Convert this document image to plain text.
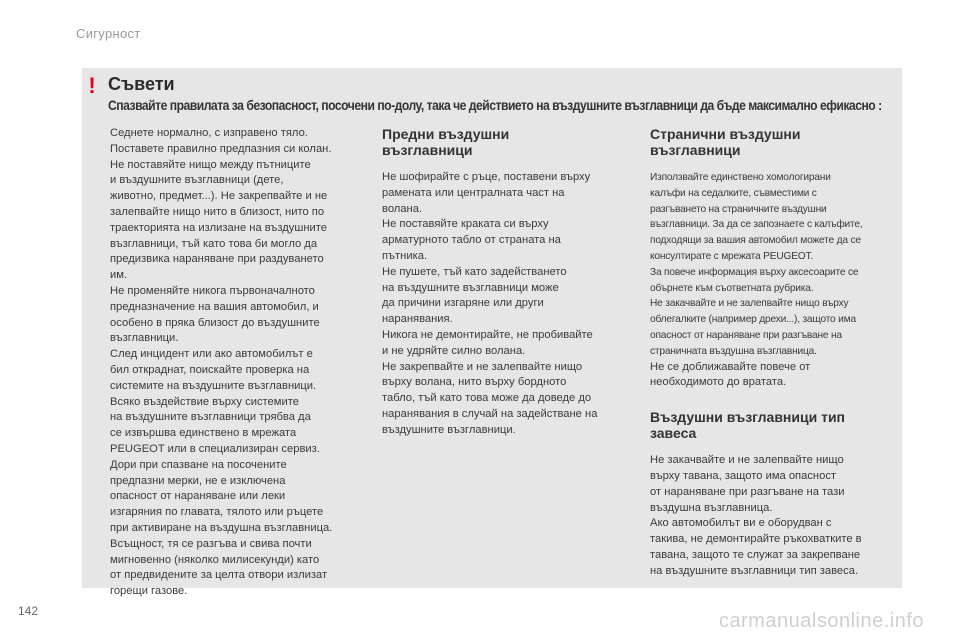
Сигурност
! Съвети
Спазвайте правилата за безопасност, посочени по-долу, така че действието на въздушните възглавници да бъде максимално ефикасно :

Седнете нормално, с изправено тяло.
Поставете правилно предпазния си колан.
Не поставяйте нищо между пътниците
и въздушните възглавници (дете,
животно, предмет...). Не закрепвайте и не
залепвайте нищо нито в близост, нито по
траекторията на излизане на въздушните
възглавници, тъй като това би могло да
предизвика нараняване при раздуването
им.
Не променяйте никога първоначалното
предназначение на вашия автомобил, и
особено в пряка близост до въздушните
възглавници.
След инцидент или ако автомобилът е
бил откраднат, поискайте проверка на
системите на въздушните възглавници.
Всяко въздействие върху системите
на въздушните възглавници трябва да
се извършва единствено в мрежата
PEUGEOT или в специализиран сервиз.
Дори при спазване на посочените
предпазни мерки, не е изключена
опасност от нараняване или леки
изгаряния по главата, тялото или ръцете
при активиране на въздушна възглавница.
Всъщност, тя се разгъва и свива почти
мигновенно (няколко милисекунди) като
от предвидените за целта отвори излизат
горещи газове.

Предни въздушни
възглавници

Не шофирайте с ръце, поставени върху
рамената или централната част на
волана.
Не поставяйте краката си върху
арматурното табло от страната на
пътника.
Не пушете, тъй като задействането
на въздушните възглавници може
да причини изгаряне или други
наранявания.
Никога не демонтирайте, не пробивайте
и не удряйте силно волана.
Не закрепвайте и не залепвайте нищо
върху волана, нито върху бордното
табло, тъй като това може да доведе до
наранявания в случай на задействане на
въздушните възглавници.

Странични въздушни
възглавници

Използвайте единствено хомологирани
калъфи на седалките, съвместими с
разгъването на страничните въздушни
възглавници. За да се запознаете с калъфите,
подходящи за вашия автомобил можете да се
консултирате с мрежата PEUGEOT.
За повече информация върху аксесоарите се
обърнете към съответната рубрика.
Не закачвайте и не залепвайте нищо върху
облегалките (например дрехи...), защото има
опасност от нараняване при разгъване на
страничната въздушна възглавница.

Не се доближавайте повече от
необходимото до вратата.

Въздушни възглавници тип
завеса

Не закачвайте и не залепвайте нищо
върху тавана, защото има опасност
от нараняване при разгъване на тази
въздушна възглавница.
Ако автомобилът ви е оборудван с
такива, не демонтирайте ръкохватките в
тавана, защото те служат за закрепване
на въздушните възглавници тип завеса.

142	carmanualsonline.info
